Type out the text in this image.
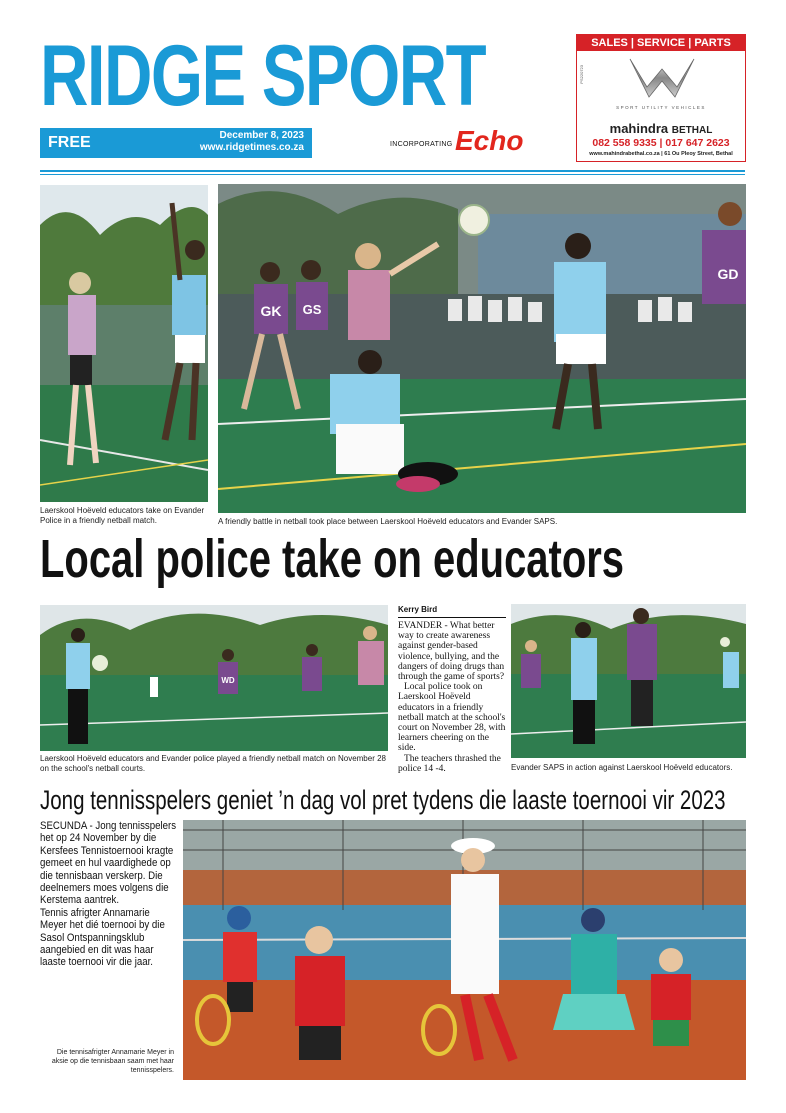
RIDGE SPORT
FREE	December 8, 2023
www.ridgetimes.co.za	INCORPORATING Echo
SALES | SERVICE | PARTS
PS220723
SPORT UTILITY VEHICLES
mahindra BETHAL
082 558 9335 | 017 647 2623
www.mahindrabethal.co.za | 61 Ou Pleoy Street, Bethal
Laerskool Hoëveld educators take on Evander Police in a friendly netball match.
GK GS
GD
A friendly battle in netball took place between Laerskool Hoëveld educators and Evander SAPS.
Local police take on educators
WD
Laerskool Hoëveld educators and Evander police played a friendly netball match on November 28 on the school's netball courts.
Kerry Bird

EVANDER - What better way to create awareness against gender-based violence, bullying, and the dangers of doing drugs than through the game of sports?

Local police took on Laerskool Hoëveld educators in a friendly netball match at the school's court on November 28, with learners cheering on the side.

The teachers thrashed the police 14 -4.	Evander SAPS in action against Laerskool Hoëveld educators.
Jong tennisspelers geniet ’n dag vol pret tydens die laaste toernooi vir 2023

SECUNDA - Jong tennisspelers het op 24 November by die Kersfees Tennistoernooi kragte gemeet en hul vaardighede op die tennisbaan verskerp. Die deelnemers moes volgens die Kerstema aantrek.

Tennis afrigter Annamarie Meyer het dié toernooi by die Sasol Ontspanningsklub aangebied en dit was haar laaste toernooi vir die jaar.

Die tennisafrigter Annamarie Meyer in aksie op die tennisbaan saam met haar tennisspelers.
